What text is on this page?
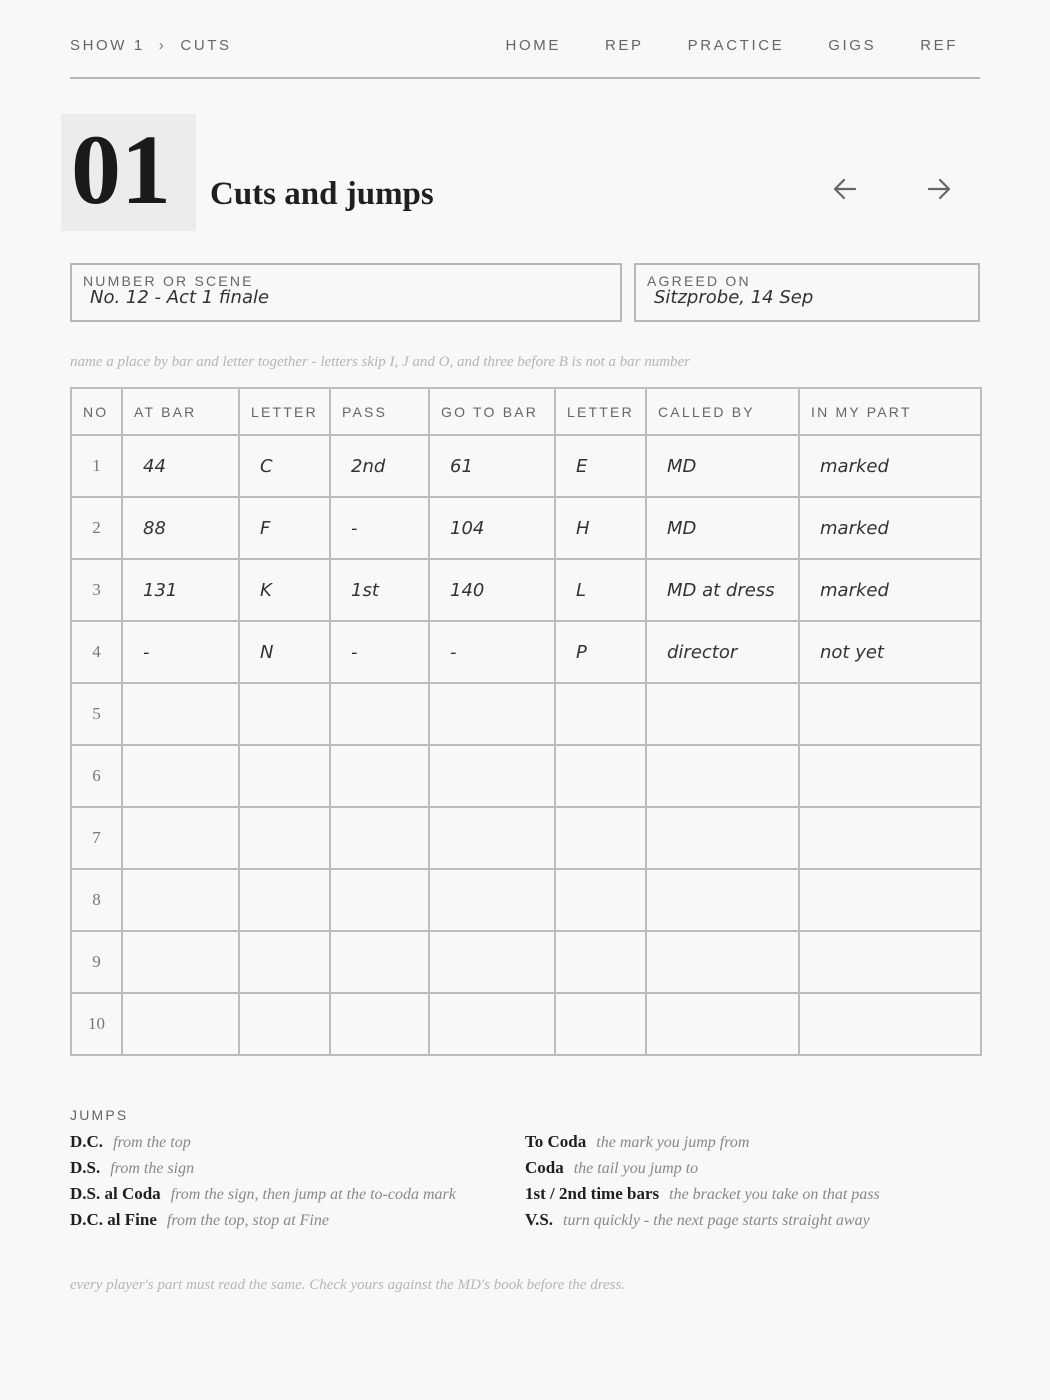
SHOW 1 › CUTS	HOME	REP	PRACTICE	GIGS	REF
01 Cuts and jumps
NUMBER OR SCENE
No. 12 - Act 1 finale
AGREED ON
Sitzprobe, 14 Sep
name a place by bar and letter together - letters skip I, J and O, and three before B is not a bar number
NO	AT BAR	LETTER	PASS	GO TO BAR	LETTER	CALLED BY	IN MY PART
1	44	C	2nd	61	E	MD	marked
2	88	F	-	104	H	MD	marked
3	131	K	1st	140	L	MD at dress	marked
4	-	N	-	-	P	director	not yet
5							
6							
7							
8							
9							
10							
JUMPS
D.C. from the top
D.S. from the sign
D.S. al Coda from the sign, then jump at the to-coda mark
D.C. al Fine from the top, stop at Fine
To Coda the mark you jump from
Coda the tail you jump to
1st / 2nd time bars the bracket you take on that pass
V.S. turn quickly - the next page starts straight away
every player's part must read the same. Check yours against the MD's book before the dress.
